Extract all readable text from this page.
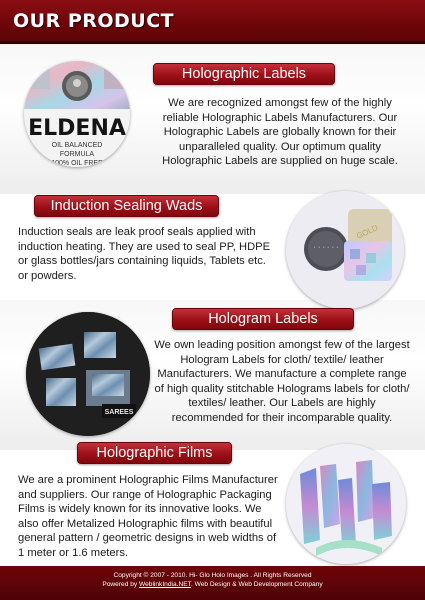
OUR PRODUCT
ELDENA
OIL BALANCED
FORMULA
100% OIL FREE
Holographic Labels
We are recognized amongst few of the highly reliable Holographic Labels Manufacturers. Our Holographic Labels are globally known for their unparalleled quality. Our optimum quality Holographic Labels are supplied on huge scale.
Induction Sealing Wads
Induction seals are leak proof seals applied with induction heating. They are used to seal PP, HDPE or glass bottles/jars containing liquids, Tablets etc. or powders.
• • • • • •
GOLD
SAREES
Hologram Labels
We own leading position amongst few of the largest Hologram Labels for cloth/ textile/ leather Manufacturers. We manufacture a complete range of high quality stitchable Holograms labels for cloth/ textiles/ leather. Our Labels are highly recommended for their incomparable quality.
Holographic Films
We are a prominent Holographic Films Manufacturer and suppliers. Our range of Holographic Packaging Films is widely known for its innovative looks. We also offer Metalized Holographic films with beautiful general pattern / geometric designs in web widths of 1 meter or 1.6 meters.
Copyright © 2007 - 2010. Hi- Glo Holo Images . All Rights Reserved
Powered by WeblinkIndia.NET. Web Design & Web Development Company
